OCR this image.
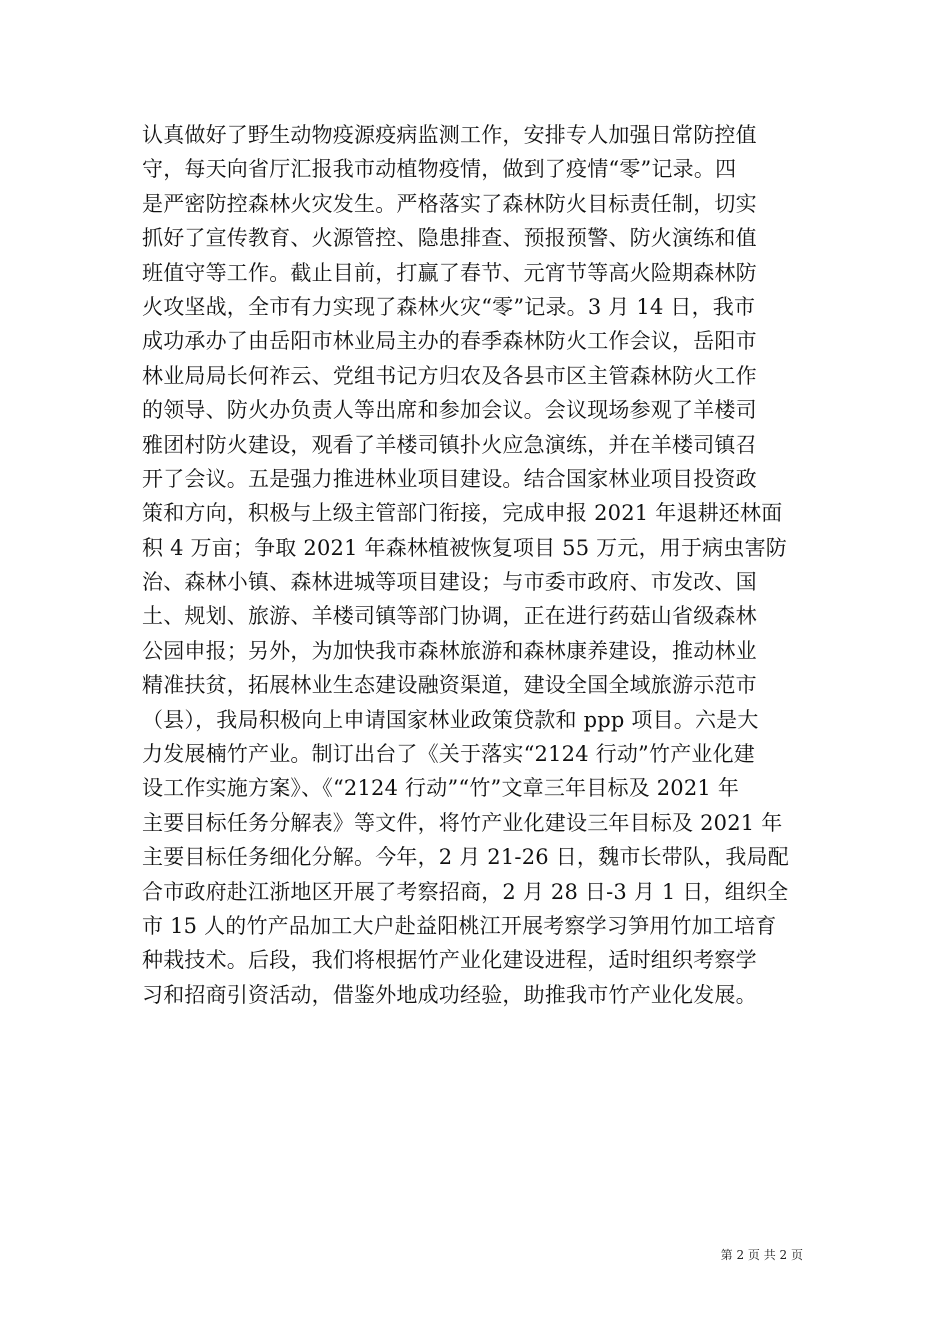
认真做好了野生动物疫源疫病监测工作，安排专人加强日常防控值
守，每天向省厅汇报我市动植物疫情，做到了疫情“零”记录。四
是严密防控森林火灾发生。严格落实了森林防火目标责任制，切实
抓好了宣传教育、火源管控、隐患排查、预报预警、防火演练和值
班值守等工作。截止目前，打赢了春节、元宵节等高火险期森林防
火攻坚战，全市有力实现了森林火灾“零”记录。3 月 14 日，我市
成功承办了由岳阳市林业局主办的春季森林防火工作会议，岳阳市
林业局局长何祚云、党组书记方归农及各县市区主管森林防火工作
的领导、防火办负责人等出席和参加会议。会议现场参观了羊楼司
雅团村防火建设，观看了羊楼司镇扑火应急演练，并在羊楼司镇召
开了会议。五是强力推进林业项目建设。结合国家林业项目投资政
策和方向，积极与上级主管部门衔接，完成申报 2021 年退耕还林面
积 4 万亩；争取 2021 年森林植被恢复项目 55 万元，用于病虫害防
治、森林小镇、森林进城等项目建设；与市委市政府、市发改、国
土、规划、旅游、羊楼司镇等部门协调，正在进行药菇山省级森林
公园申报；另外，为加快我市森林旅游和森林康养建设，推动林业
精准扶贫，拓展林业生态建设融资渠道，建设全国全域旅游示范市
（县），我局积极向上申请国家林业政策贷款和 ppp 项目。六是大
力发展楠竹产业。制订出台了《关于落实“2124 行动”竹产业化建
设工作实施方案》、《“2124 行动”“竹”文章三年目标及 2021 年
主要目标任务分解表》等文件，将竹产业化建设三年目标及 2021 年
主要目标任务细化分解。今年，2 月 21-26 日，魏市长带队，我局配
合市政府赴江浙地区开展了考察招商，2 月 28 日-3 月 1 日，组织全
市 15 人的竹产品加工大户赴益阳桃江开展考察学习笋用竹加工培育
种栽技术。后段，我们将根据竹产业化建设进程，适时组织考察学
习和招商引资活动，借鉴外地成功经验，助推我市竹产业化发展。
第 2 页 共 2 页
